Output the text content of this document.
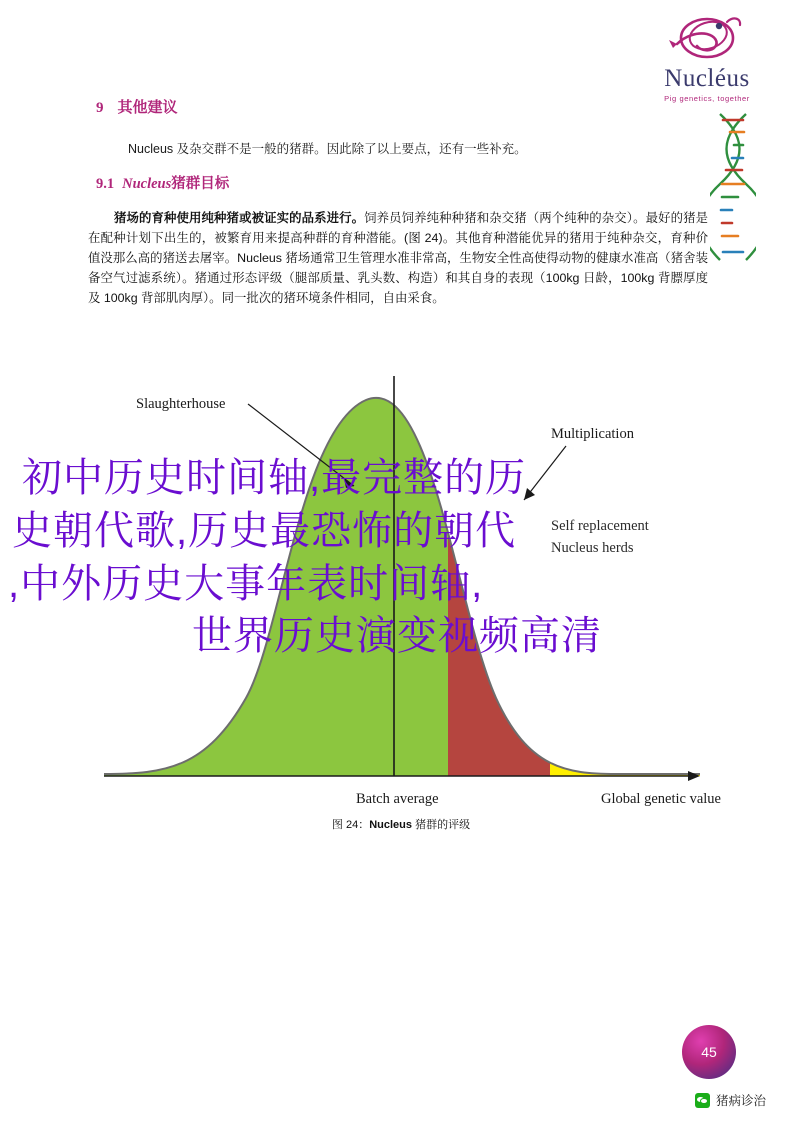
Nucléus
Pig genetics, together
9 其他建议
Nucleus 及杂交群不是一般的猪群。因此除了以上要点，还有一些补充。
9.1 Nucleus猪群目标
猪场的育种使用纯种猪或被证实的品系进行。饲养员饲养纯种种猪和杂交猪（两个纯种的杂交）。最好的猪是在配种计划下出生的，被繁育用来提高种群的育种潜能。(图 24)。其他育种潜能优异的猪用于纯种杂交，育种价值没那么高的猪送去屠宰。Nucleus 猪场通常卫生管理水准非常高，生物安全性高使得动物的健康水准高（猪舍装备空气过滤系统）。猪通过形态评级（腿部质量、乳头数、构造）和其自身的表现（100kg 日龄，100kg 背膘厚度及 100kg 背部肌肉厚）。同一批次的猪环境条件相同，自由采食。
Slaughterhouse
Multiplication
Self replacement
Nucleus herds
Batch average	Global genetic value
图 24：Nucleus 猪群的评级
初中历史时间轴,最完整的历
史朝代歌,历史最恐怖的朝代
,中外历史大事年表时间轴,
世界历史演变视频高清
45
猪病诊治
